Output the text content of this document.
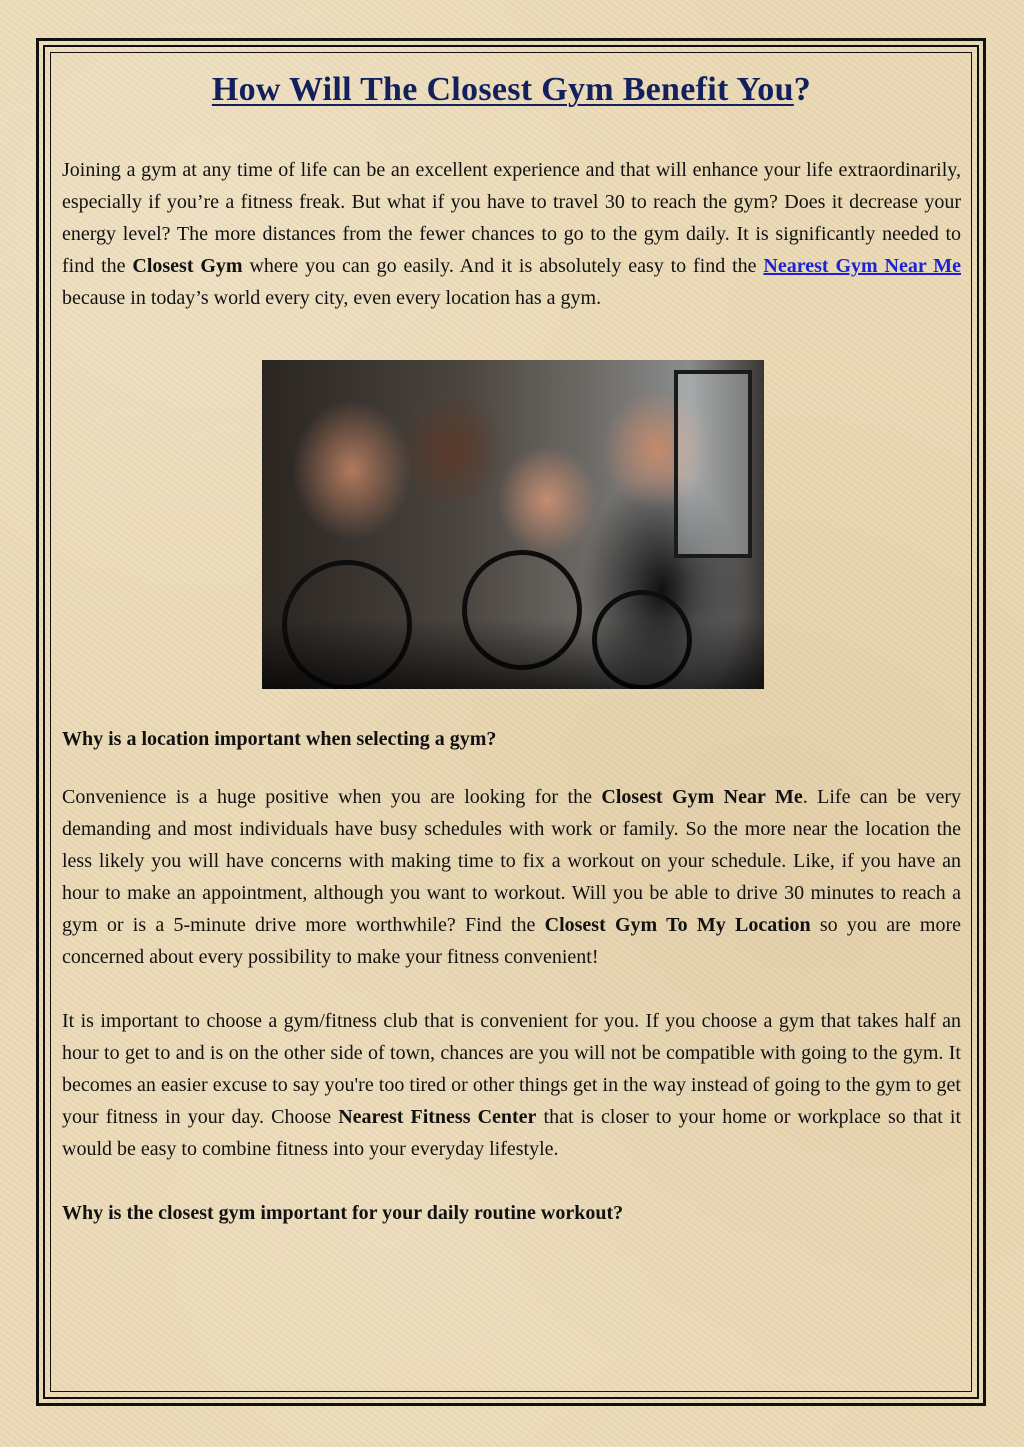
How Will The Closest Gym Benefit You?

Joining a gym at any time of life can be an excellent experience and that will enhance your life extraordinarily, especially if you’re a fitness freak. But what if you have to travel 30 to reach the gym? Does it decrease your energy level? The more distances from the fewer chances to go to the gym daily. It is significantly needed to find the Closest Gym where you can go easily. And it is absolutely easy to find the Nearest Gym Near Me because in today’s world every city, even every location has a gym.

Why is a location important when selecting a gym?

Convenience is a huge positive when you are looking for the Closest Gym Near Me. Life can be very demanding and most individuals have busy schedules with work or family. So the more near the location the less likely you will have concerns with making time to fix a workout on your schedule. Like, if you have an hour to make an appointment, although you want to workout. Will you be able to drive 30 minutes to reach a gym or is a 5-minute drive more worthwhile? Find the Closest Gym To My Location so you are more concerned about every possibility to make your fitness convenient!

It is important to choose a gym/fitness club that is convenient for you. If you choose a gym that takes half an hour to get to and is on the other side of town, chances are you will not be compatible with going to the gym. It becomes an easier excuse to say you're too tired or other things get in the way instead of going to the gym to get your fitness in your day. Choose Nearest Fitness Center that is closer to your home or workplace so that it would be easy to combine fitness into your everyday lifestyle.

Why is the closest gym important for your daily routine workout?
